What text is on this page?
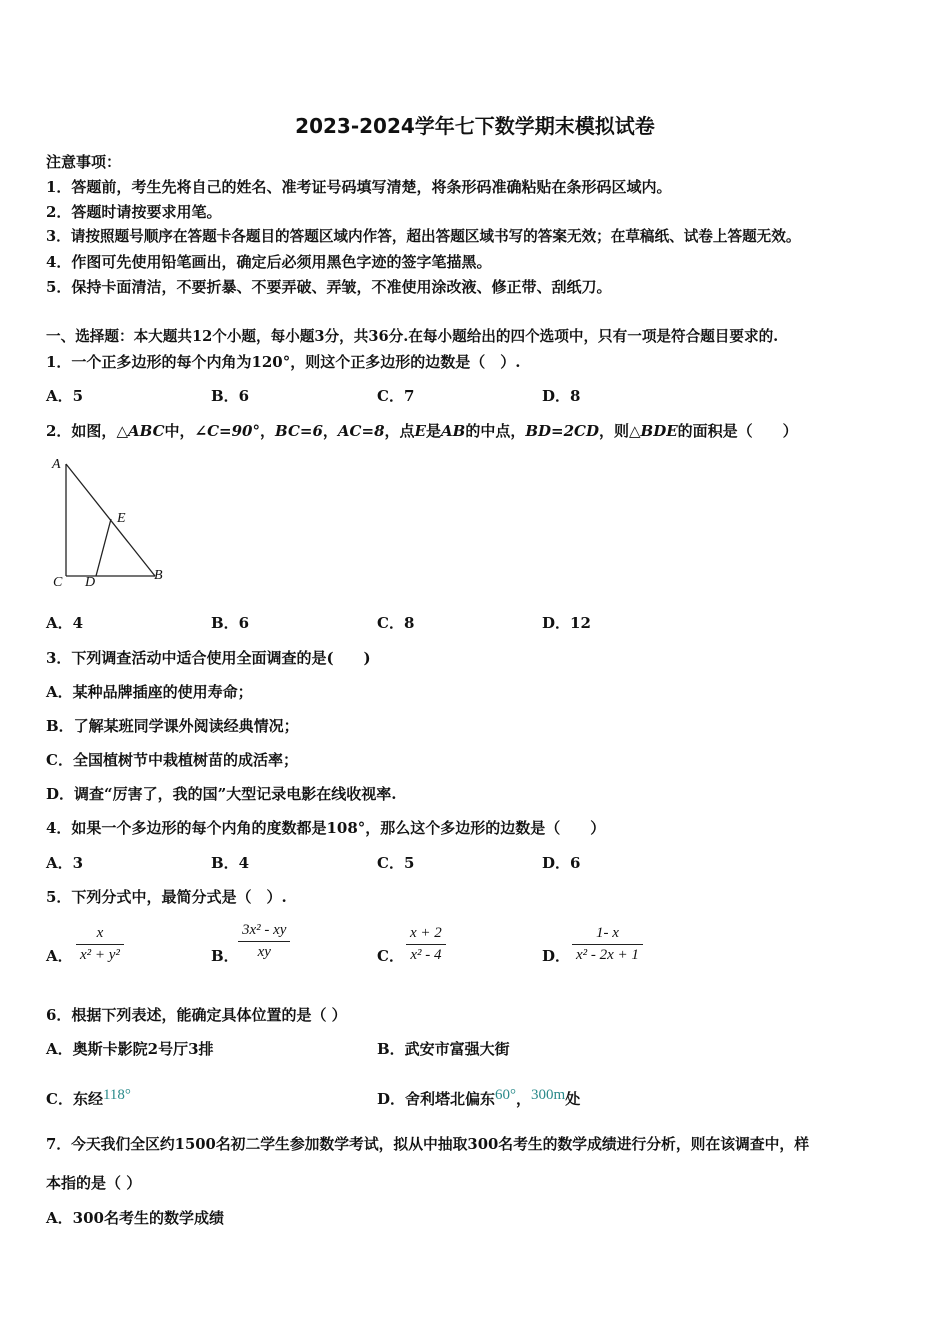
2023-2024学年七下数学期末模拟试卷
注意事项：
1．答题前，考生先将自己的姓名、准考证号码填写清楚，将条形码准确粘贴在条形码区域内。
2．答题时请按要求用笔。
3．请按照题号顺序在答题卡各题目的答题区域内作答，超出答题区域书写的答案无效；在草稿纸、试卷上答题无效。
4．作图可先使用铅笔画出，确定后必须用黑色字迹的签字笔描黑。
5．保持卡面清洁，不要折暴、不要弄破、弄皱，不准使用涂改液、修正带、刮纸刀。
一、选择题：本大题共12个小题，每小题3分，共36分.在每小题给出的四个选项中，只有一项是符合题目要求的.
1．一个正多边形的每个内角为120°，则这个正多边形的边数是（　）.
A．5	B．6	C．7	D．8
2．如图，△ABC中，∠C=90°，BC=6，AC=8，点E是AB的中点，BD=2CD，则△BDE的面积是（　　）
A
E
C D	B
A．4	B．6	C．8	D．12
3．下列调查活动中适合使用全面调查的是(　　)
A．某种品牌插座的使用寿命；
B．了解某班同学课外阅读经典情况；
C．全国植树节中栽植树苗的成活率；
D．调查“厉害了，我的国”大型记录电影在线收视率.
4．如果一个多边形的每个内角的度数都是108°，那么这个多边形的边数是（　　）
A．3	B．4	C．5	D．6
5．下列分式中，最简分式是（　）.
A．
x
x² + y²	B．
3x² - xy
xy	C．
x + 2
x² - 4	D．
1- x
x² - 2x + 1
6．根据下列表述，能确定具体位置的是（ ）
A．奥斯卡影院2号厅3排	B．武安市富强大街
C．东经118°	D．舍利塔北偏东60°，300m处
7．今天我们全区约1500名初二学生参加数学考试，拟从中抽取300名考生的数学成绩进行分析，则在该调查中，样
本指的是（ ）
A．300名考生的数学成绩
